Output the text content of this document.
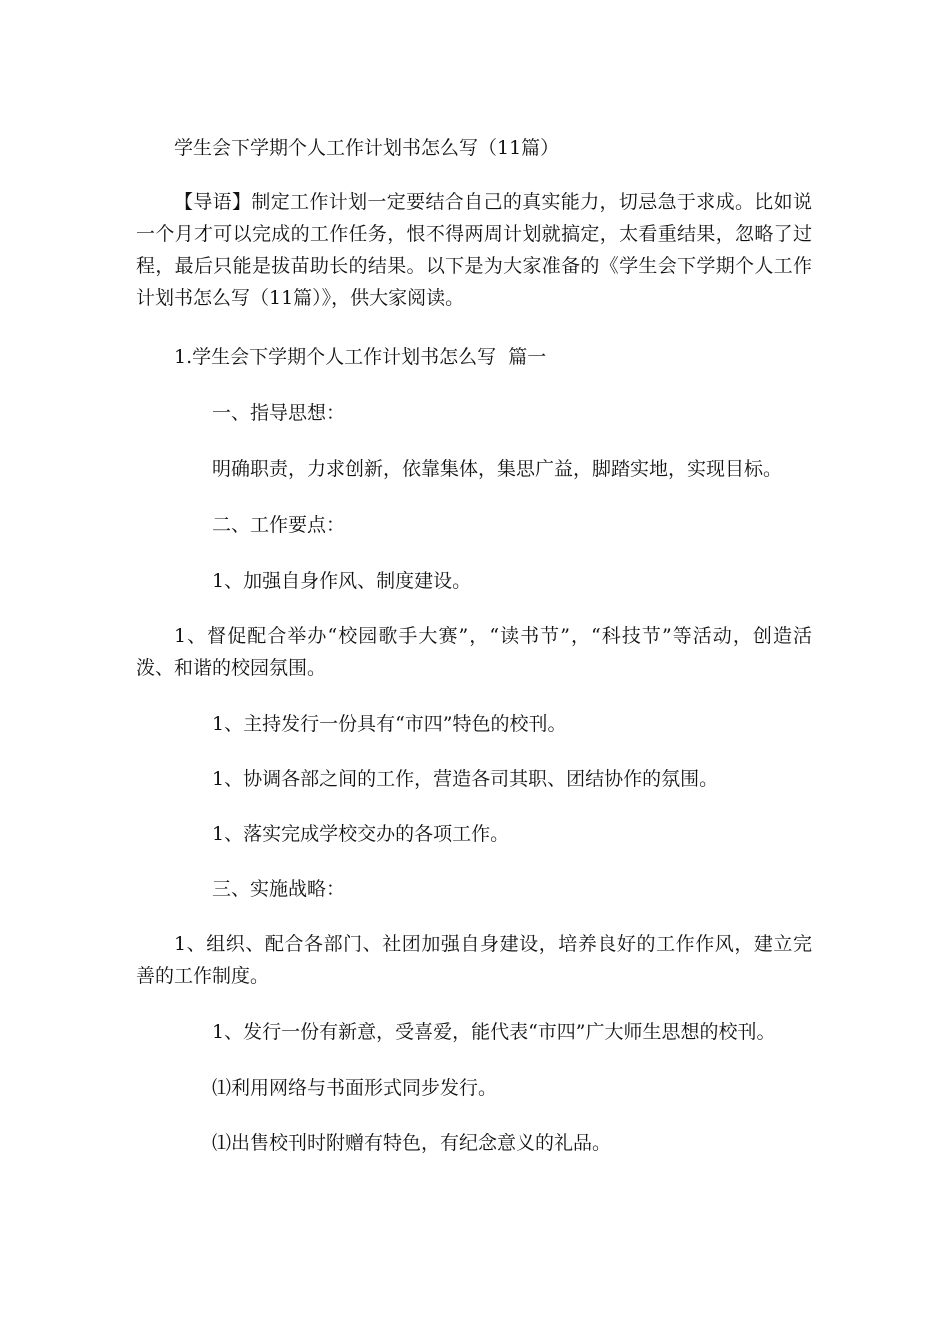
学生会下学期个人工作计划书怎么写（11篇）

【导语】制定工作计划一定要结合自己的真实能力，切忌急于求成。比如说一个月才可以完成的工作任务，恨不得两周计划就搞定，太看重结果，忽略了过程，最后只能是拔苗助长的结果。以下是为大家准备的《学生会下学期个人工作计划书怎么写（11篇）》，供大家阅读。

1.学生会下学期个人工作计划书怎么写  篇一

一、指导思想：

明确职责，力求创新，依靠集体，集思广益，脚踏实地，实现目标。

二、工作要点：

1、加强自身作风、制度建设。

1、督促配合举办“校园歌手大赛”，“读书节”，“科技节”等活动，创造活泼、和谐的校园氛围。

1、主持发行一份具有“市四”特色的校刊。

1、协调各部之间的工作，营造各司其职、团结协作的氛围。

1、落实完成学校交办的各项工作。

三、实施战略：

1、组织、配合各部门、社团加强自身建设，培养良好的工作作风，建立完善的工作制度。

1、发行一份有新意，受喜爱，能代表“市四”广大师生思想的校刊。

⑴利用网络与书面形式同步发行。

⑴出售校刊时附赠有特色，有纪念意义的礼品。
